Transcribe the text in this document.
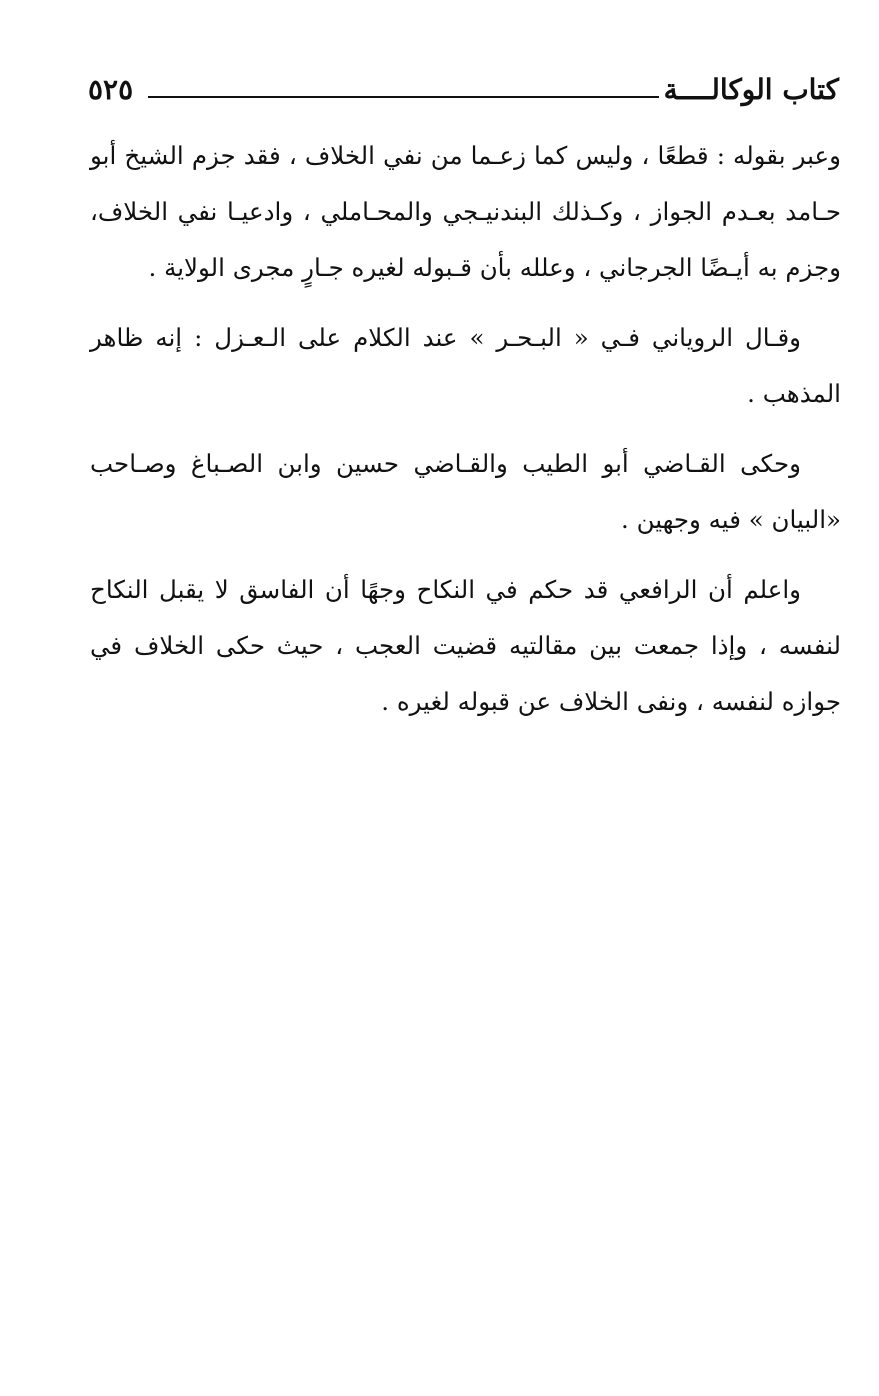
٥٢٥	كتاب الوكالــــة

وعبر بقوله : قطعًا ، وليس كما زعـما من نفي الخلاف ، فقد جزم الشيخ أبو حـامد بعـدم الجواز ، وكـذلك البندنيـجي والمحـاملي ، وادعيـا نفي الخلاف، وجزم به أيـضًا الجرجاني ، وعلله بأن قـبوله لغيره جـارٍ مجرى الولاية .

وقـال الروياني فـي « البـحـر » عند الكلام على الـعـزل : إنه ظاهر المذهب .

وحكى القـاضي أبو الطيب والقـاضي حسين وابن الصـباغ وصـاحب «البيان » فيه وجهين .

واعلم أن الرافعي قد حكم في النكاح وجهًا أن الفاسق لا يقبل النكاح لنفسه ، وإذا جمعت بين مقالتيه قضيت العجب ، حيث حكى الخلاف في جوازه لنفسه ، ونفى الخلاف عن قبوله لغيره .
